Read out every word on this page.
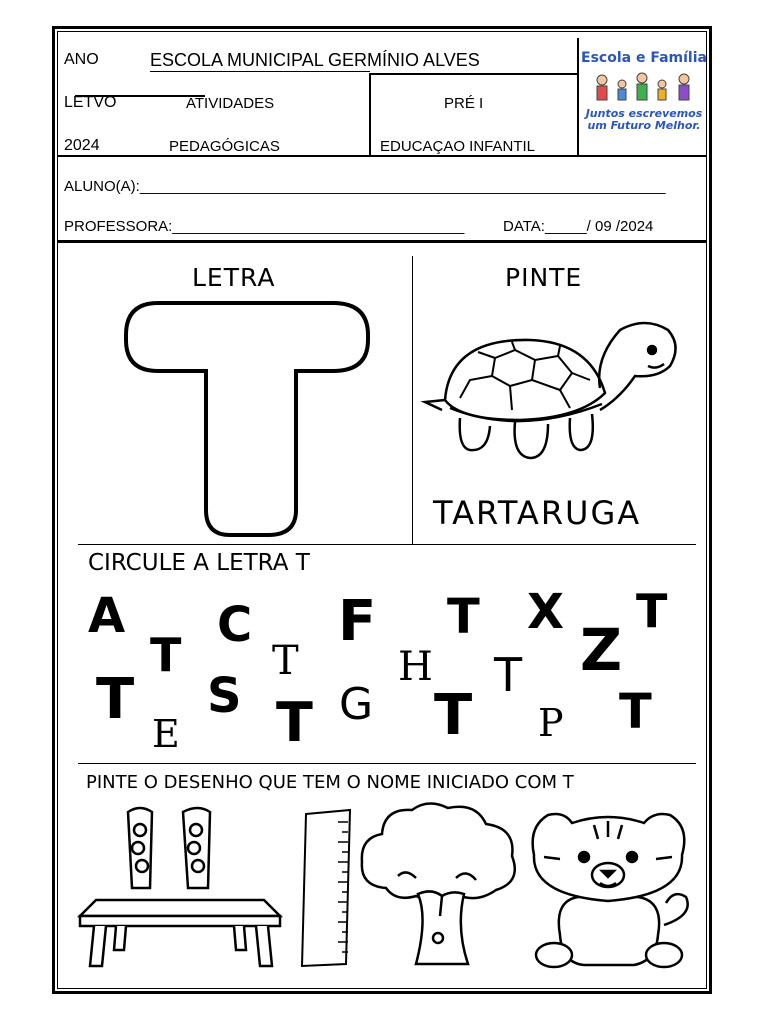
ANO	ESCOLA MUNICIPAL GERMÍNIO ALVES
LETVO	ATIVIDADES	PRÉ I
2024	PEDAGÓGICAS	EDUCAÇAO INFANTIL
ALUNO(A):_______________________________________________________________
PROFESSORA:___________________________________	DATA:_____/ 09 /2024
Escola e Família
Juntos escrevemos
um Futuro Melhor.
LETRA	PINTE
TARTARUGA
CIRCULE A LETRA T
A
T
C
T
F
H
T X
Z
T
T S T G T
T
E	P T
PINTE O DESENHO QUE TEM O NOME INICIADO COM T
